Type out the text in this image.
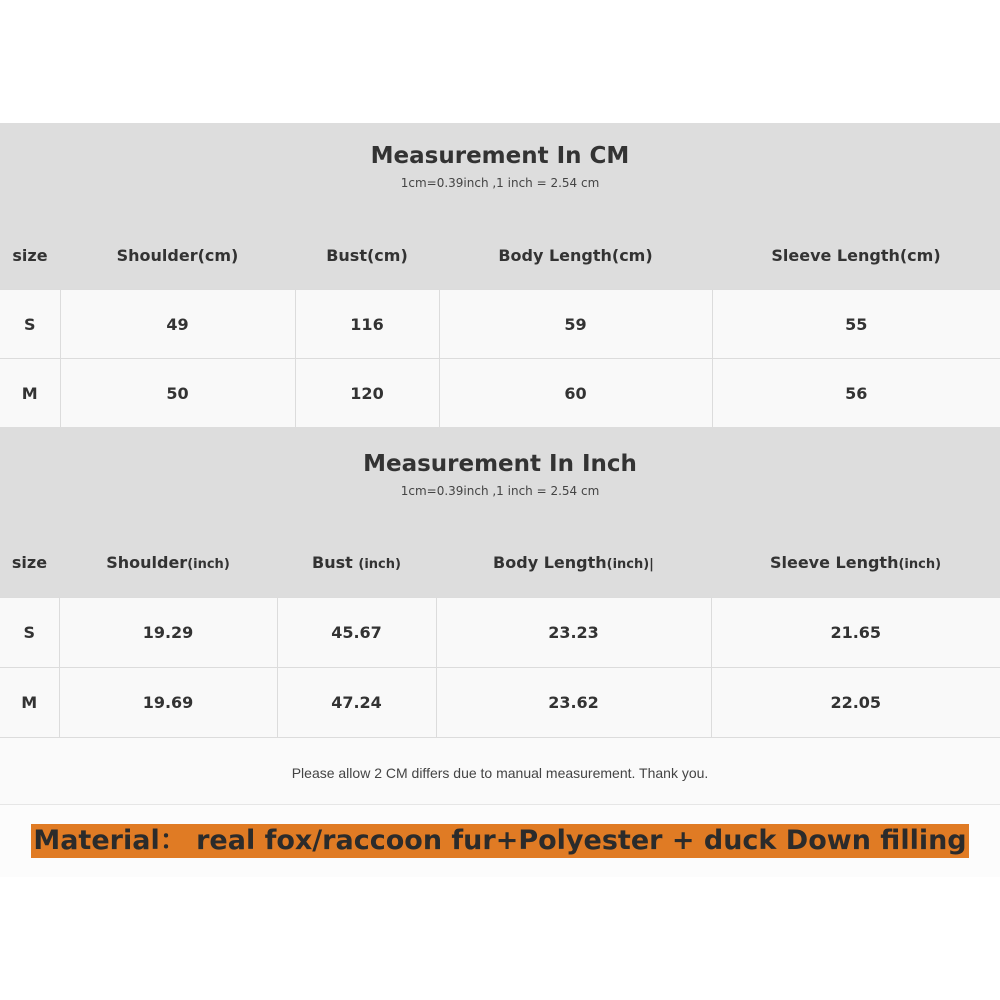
Measurement In CM
1cm=0.39inch ,1 inch = 2.54 cm
size	Shoulder(cm)	Bust(cm)	Body Length(cm)	Sleeve Length(cm)
S	49	116	59	55
M	50	120	60	56
Measurement In Inch
1cm=0.39inch ,1 inch = 2.54 cm
size	Shoulder(inch)	Bust (inch)	Body Length(inch)|	Sleeve Length(inch)
S	19.29	45.67	23.23	21.65
M	19.69	47.24	23.62	22.05
Please allow 2 CM differs due to manual measurement. Thank you.
Material： real fox/raccoon fur+Polyester + duck Down filling
